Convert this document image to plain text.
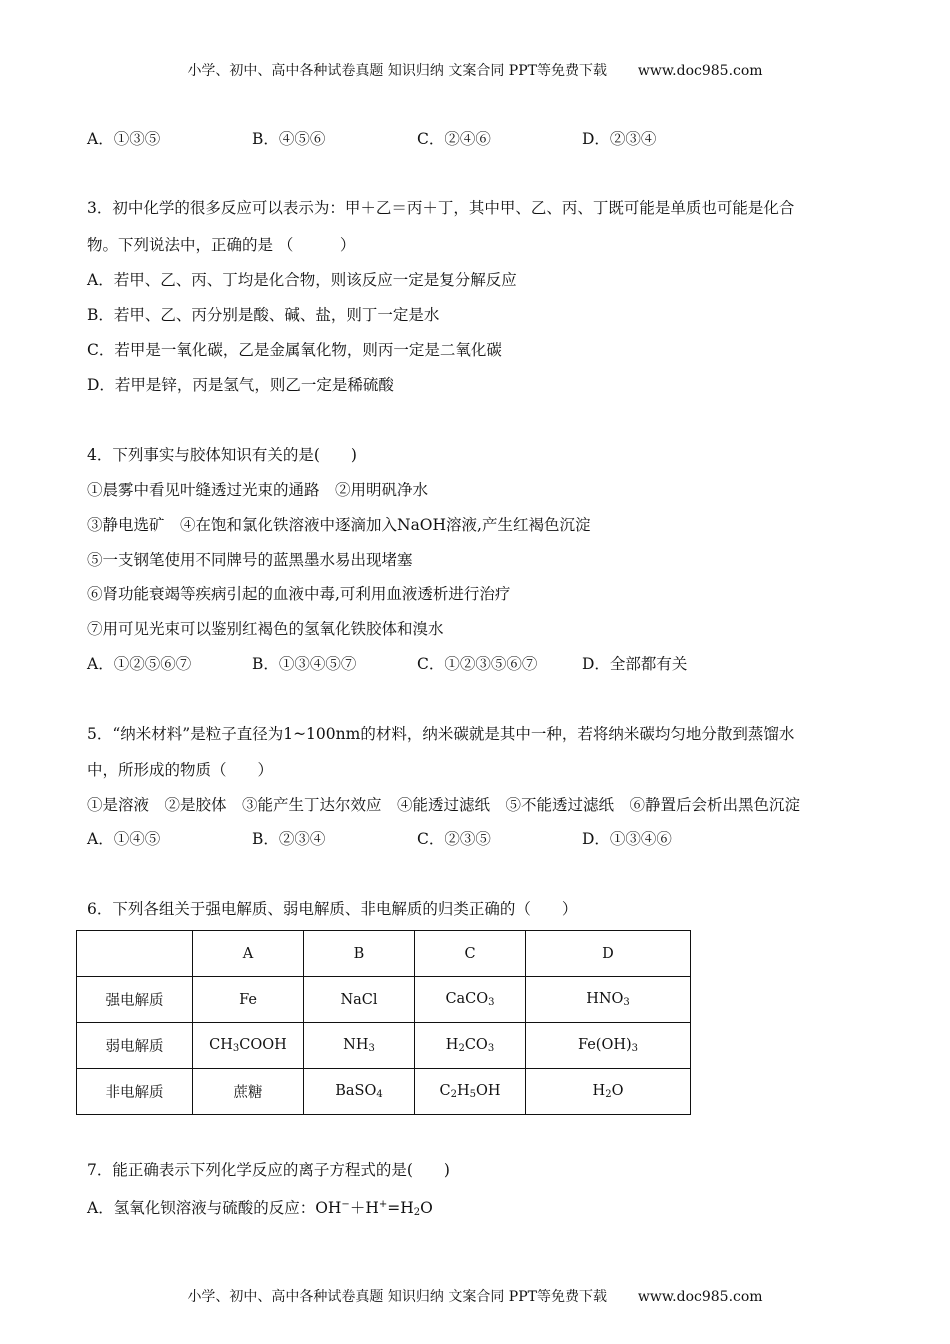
小学、初中、高中各种试卷真题 知识归纳 文案合同 PPT等免费下载 www.doc985.com
A．①③⑤	B．④⑤⑥	C．②④⑥	D．②③④
3．初中化学的很多反应可以表示为：甲＋乙＝丙＋丁，其中甲、乙、丙、丁既可能是单质也可能是化合
物。下列说法中，正确的是 （　　　）
A．若甲、乙、丙、丁均是化合物，则该反应一定是复分解反应
B．若甲、乙、丙分别是酸、碱、盐，则丁一定是水
C．若甲是一氧化碳，乙是金属氧化物，则丙一定是二氧化碳
D．若甲是锌，丙是氢气，则乙一定是稀硫酸
4．下列事实与胶体知识有关的是(　　)
①晨雾中看见叶缝透过光束的通路　②用明矾净水
③静电选矿　④在饱和氯化铁溶液中逐滴加入NaOH溶液,产生红褐色沉淀
⑤一支钢笔使用不同牌号的蓝黑墨水易出现堵塞
⑥肾功能衰竭等疾病引起的血液中毒,可利用血液透析进行治疗
⑦用可见光束可以鉴别红褐色的氢氧化铁胶体和溴水
A．①②⑤⑥⑦	B．①③④⑤⑦	C．①②③⑤⑥⑦	D．全部都有关
5．“纳米材料”是粒子直径为1~100nm的材料，纳米碳就是其中一种，若将纳米碳均匀地分散到蒸馏水
中，所形成的物质（　　）
①是溶液　②是胶体　③能产生丁达尔效应　④能透过滤纸　⑤不能透过滤纸　⑥静置后会析出黑色沉淀
A．①④⑤	B．②③④	C．②③⑤	D．①③④⑥
6．下列各组关于强电解质、弱电解质、非电解质的归类正确的（　　）
	A	B	C	D
强电解质	Fe	NaCl	CaCO$_3$	$HNO_3$
弱电解质	$CH_3COOH$	$NH_3$	$H_2CO_3$	$Fe(OH)_3$
非电解质	蔗糖	BaSO$_4$	$C_2H_5OH$	$H_2O$
7．能正确表示下列化学反应的离子方程式的是(　　)
A．氢氧化钡溶液与硫酸的反应：$OH^-+H^+=H_2O$
小学、初中、高中各种试卷真题 知识归纳 文案合同 PPT等免费下载 www.doc985.com
